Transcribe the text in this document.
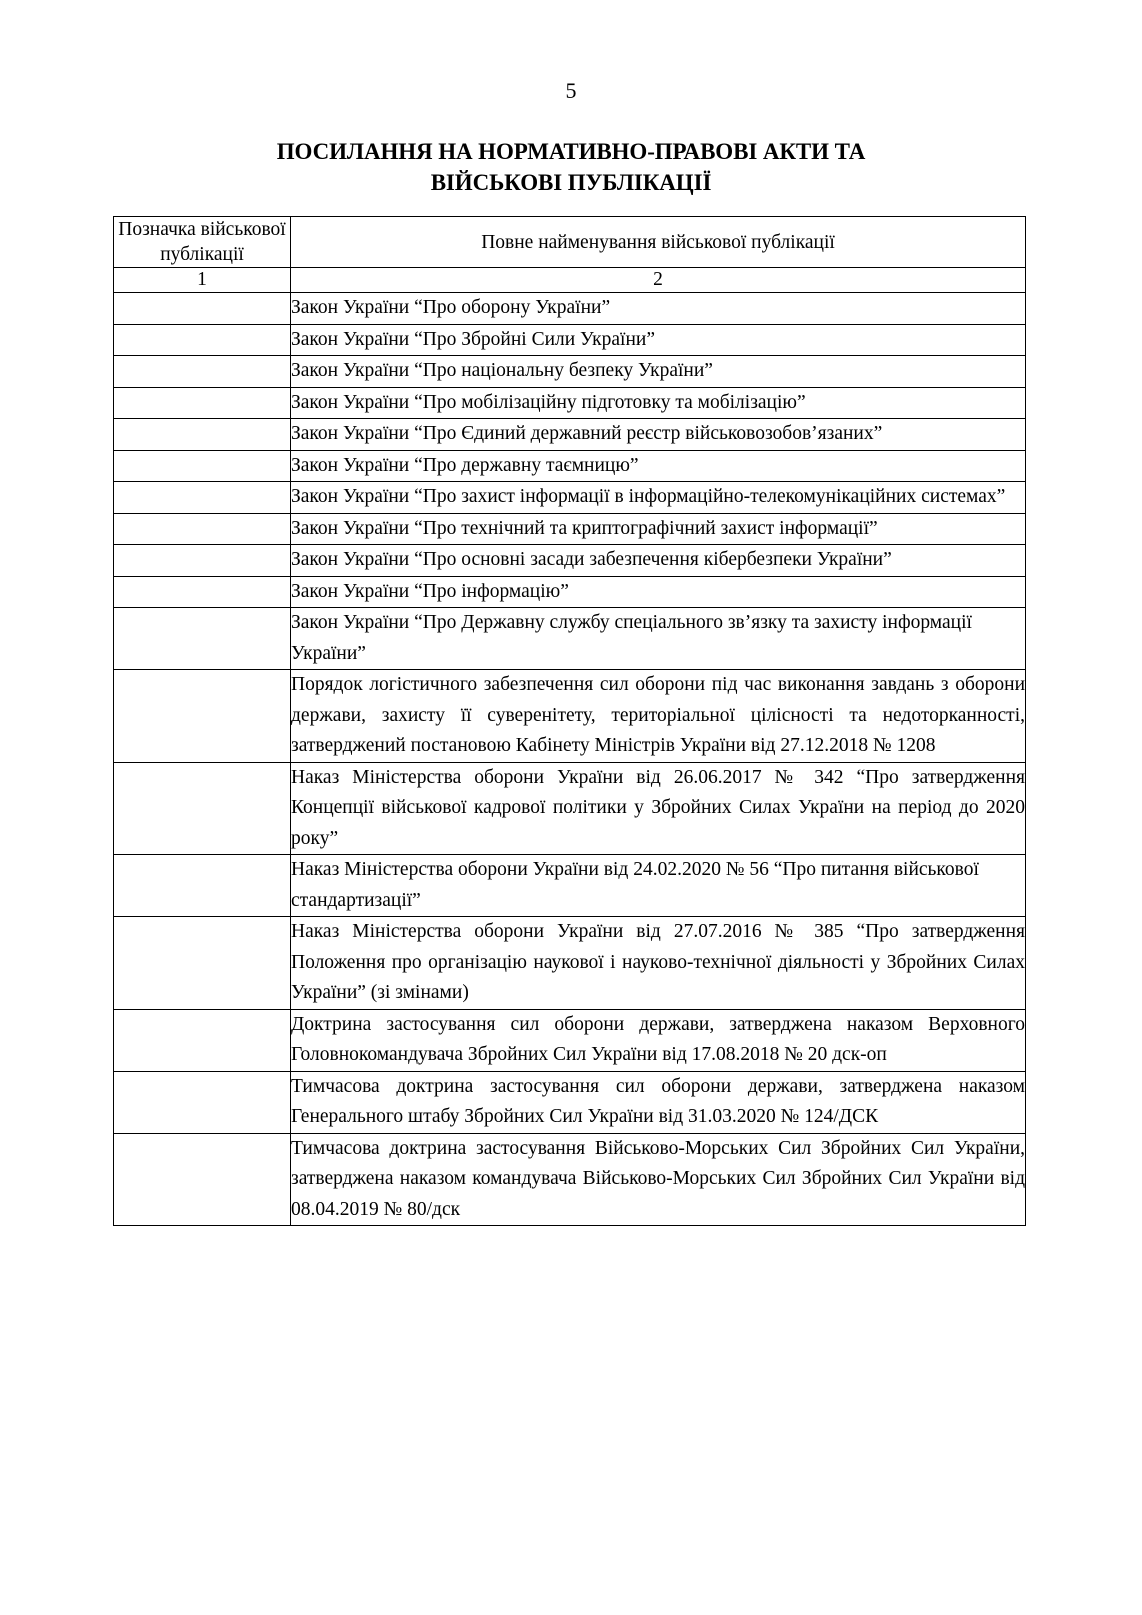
5
ПОСИЛАННЯ НА НОРМАТИВНО-ПРАВОВІ АКТИ ТА
ВІЙСЬКОВІ ПУБЛІКАЦІЇ
Позначка військової публікації	Повне найменування військової публікації
1	2
	Закон України “Про оборону України”
	Закон України “Про Збройні Сили України”
	Закон України “Про національну безпеку України”
	Закон України “Про мобілізаційну підготовку та мобілізацію”
	Закон України “Про Єдиний державний реєстр військовозобов’язаних”
	Закон України “Про державну таємницю”
	Закон України “Про захист інформації в інформаційно-телекомунікаційних системах”
	Закон України “Про технічний та криптографічний захист інформації”
	Закон України “Про основні засади забезпечення кібербезпеки України”
	Закон України “Про інформацію”
	Закон України “Про Державну службу спеціального зв’язку та захисту інформації України”
	Порядок логістичного забезпечення сил оборони під час виконання завдань з оборони держави, захисту її суверенітету, територіальної цілісності та недоторканності, затверджений постановою Кабінету Міністрів України від 27.12.2018 № 1208
	Наказ Міністерства оборони України від 26.06.2017 № 342 “Про затвердження Концепції військової кадрової політики у Збройних Силах України на період до 2020 року”
	Наказ Міністерства оборони України від 24.02.2020 № 56 “Про питання військової стандартизації”
	Наказ Міністерства оборони України від 27.07.2016 № 385 “Про затвердження Положення про організацію наукової і науково-технічної діяльності у Збройних Силах України” (зі змінами)
	Доктрина застосування сил оборони держави, затверджена наказом Верховного Головнокомандувача Збройних Сил України від 17.08.2018 № 20 дск-оп
	Тимчасова доктрина застосування сил оборони держави, затверджена наказом Генерального штабу Збройних Сил України від 31.03.2020 № 124/ДСК
	Тимчасова доктрина застосування Військово-Морських Сил Збройних Сил України, затверджена наказом командувача Військово-Морських Сил Збройних Сил України від 08.04.2019 № 80/дск
